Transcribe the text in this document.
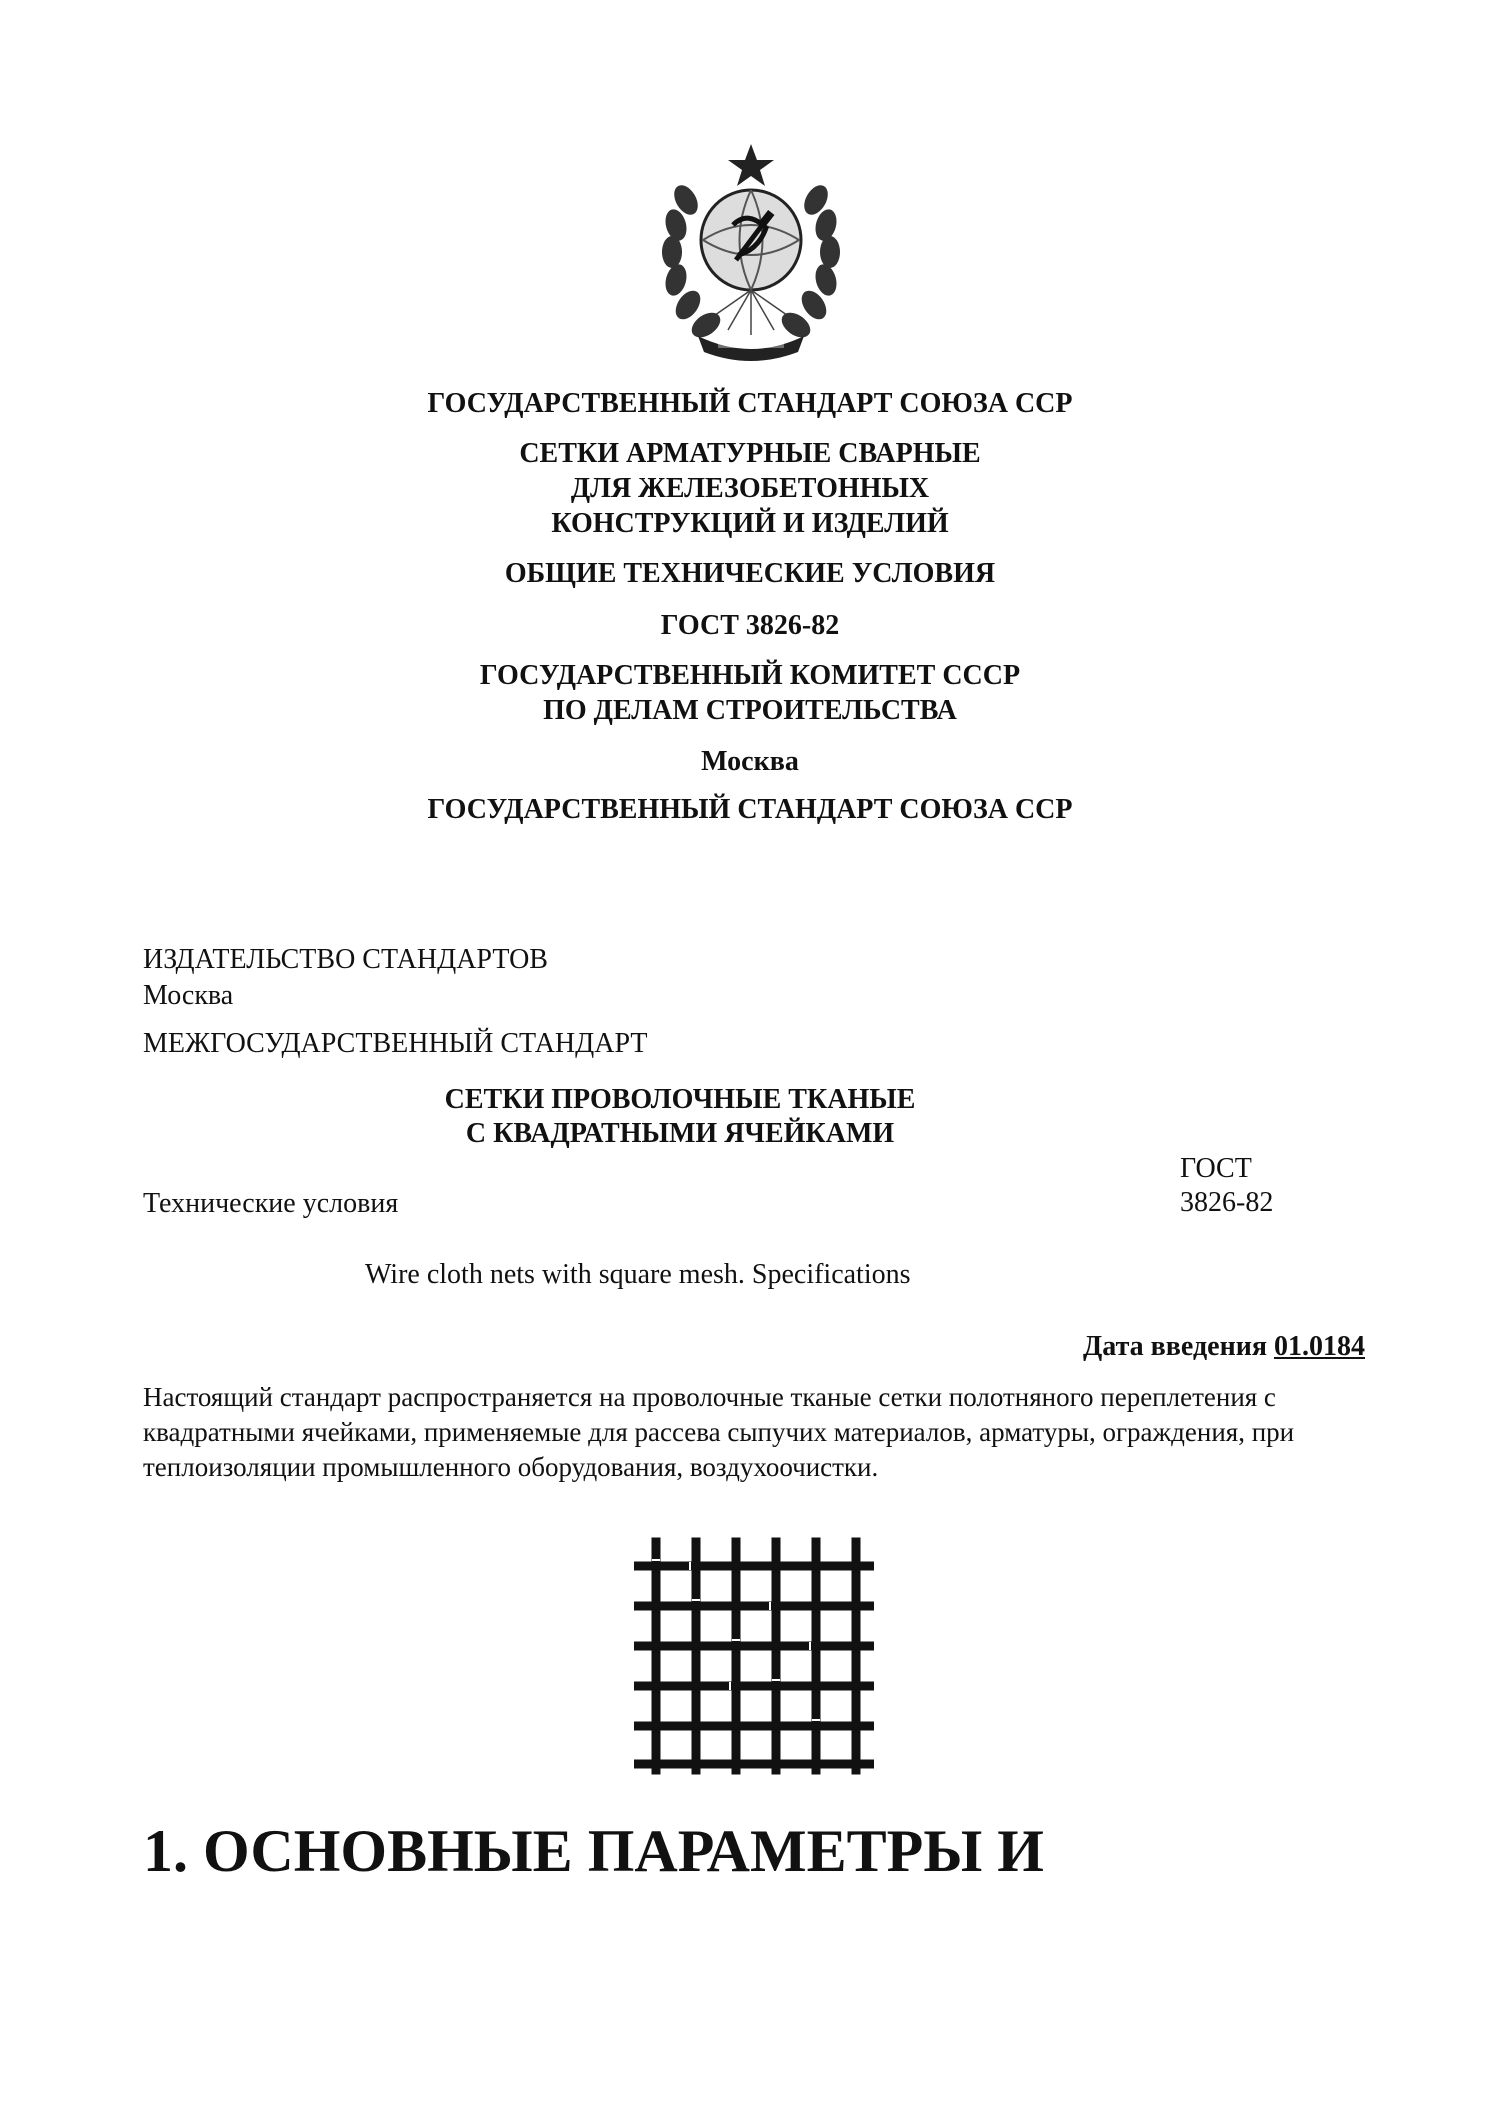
ГОСУДАРСТВЕННЫЙ СТАНДАРТ СОЮЗА ССР
СЕТКИ АРМАТУРНЫЕ СВАРНЫЕ
ДЛЯ ЖЕЛЕЗОБЕТОННЫХ
КОНСТРУКЦИЙ И ИЗДЕЛИЙ
ОБЩИЕ ТЕХНИЧЕСКИЕ УСЛОВИЯ
ГОСТ 3826-82
ГОСУДАРСТВЕННЫЙ КОМИТЕТ СССР
ПО ДЕЛАМ СТРОИТЕЛЬСТВА
Москва
ГОСУДАРСТВЕННЫЙ СТАНДАРТ СОЮЗА ССР
ИЗДАТЕЛЬСТВО СТАНДАРТОВ
Москва
МЕЖГОСУДАРСТВЕННЫЙ СТАНДАРТ
СЕТКИ ПРОВОЛОЧНЫЕ ТКАНЫЕ
С КВАДРАТНЫМИ ЯЧЕЙКАМИ
ГОСТ
3826-82
Технические условия
Wire cloth nets with square mesh. Specifications
Дата введения 01.0184
Настоящий стандарт распространяется на проволочные тканые сетки полотняного переплетения с квадратными ячейками, применяемые для рассева сыпучих материалов, арматуры, ограждения, при теплоизоляции промышленного оборудования, воздухоочистки.
1. ОСНОВНЫЕ ПАРАМЕТРЫ И
